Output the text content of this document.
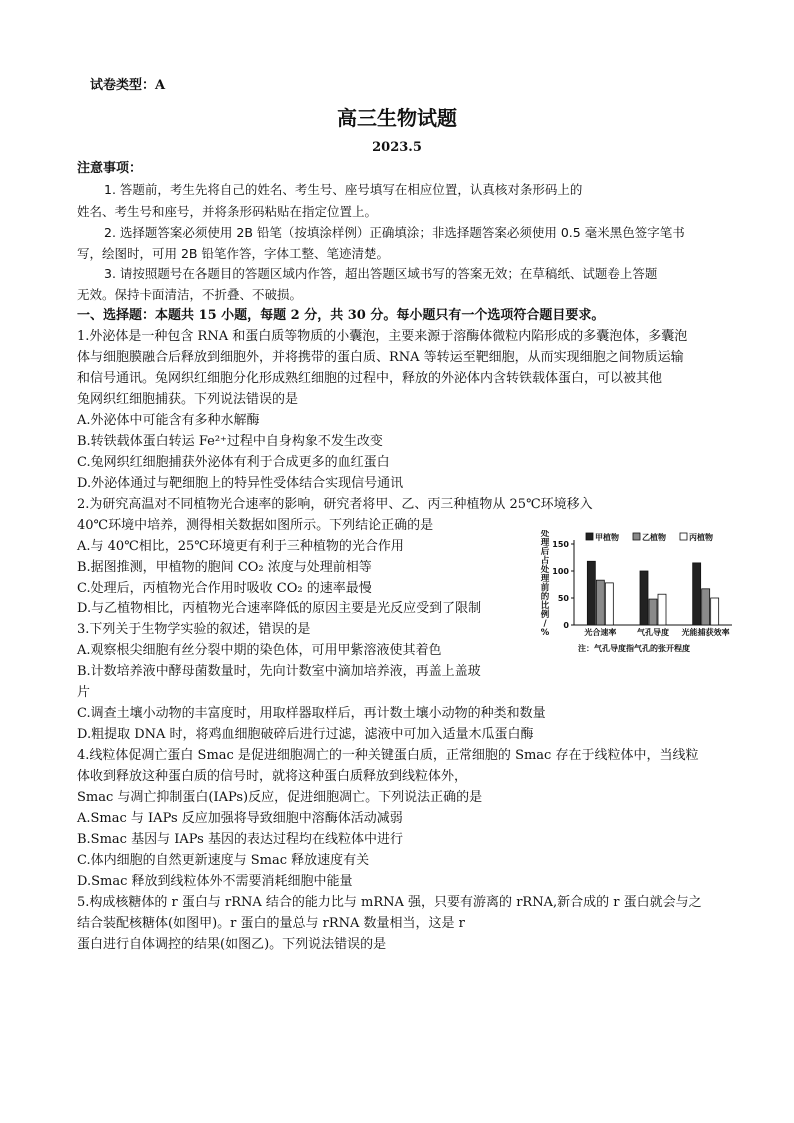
试卷类型：A
高三生物试题
2023.5
注意事项：
1. 答题前，考生先将自己的姓名、考生号、座号填写在相应位置，认真核对条形码上的
姓名、考生号和座号，并将条形码粘贴在指定位置上。
2. 选择题答案必须使用 2B 铅笔（按填涂样例）正确填涂；非选择题答案必须使用 0.5 毫米黑色签字笔书
写，绘图时，可用 2B 铅笔作答，字体工整、笔迹清楚。
3. 请按照题号在各题目的答题区域内作答，超出答题区域书写的答案无效；在草稿纸、试题卷上答题
无效。保持卡面清洁，不折叠、不破损。
一、选择题：本题共 15 小题，每题 2 分，共 30 分。每小题只有一个选项符合题目要求。
1.外泌体是一种包含 RNA 和蛋白质等物质的小囊泡，主要来源于溶酶体微粒内陷形成的多囊泡体，多囊泡
体与细胞膜融合后释放到细胞外，并将携带的蛋白质、RNA 等转运至靶细胞，从而实现细胞之间物质运输
和信号通讯。兔网织红细胞分化形成熟红细胞的过程中，释放的外泌体内含转铁载体蛋白，可以被其他
兔网织红细胞捕获。下列说法错误的是
A.外泌体中可能含有多种水解酶
B.转铁载体蛋白转运 Fe²⁺过程中自身构象不发生改变
C.兔网织红细胞捕获外泌体有利于合成更多的血红蛋白
D.外泌体通过与靶细胞上的特异性受体结合实现信号通讯
2.为研究高温对不同植物光合速率的影响，研究者将甲、乙、丙三种植物从 25℃环境移入
40℃环境中培养，测得相关数据如图所示。下列结论正确的是
A.与 40℃相比，25℃环境更有利于三种植物的光合作用
B.据图推测，甲植物的胞间 CO₂ 浓度与处理前相等
C.处理后，丙植物光合作用时吸收 CO₂ 的速率最慢
D.与乙植物相比，丙植物光合速率降低的原因主要是光反应受到了限制
3.下列关于生物学实验的叙述，错误的是
A.观察根尖细胞有丝分裂中期的染色体，可用甲紫溶液使其着色
B.计数培养液中酵母菌数量时，先向计数室中滴加培养液，再盖上盖玻
片
C.调查土壤小动物的丰富度时，用取样器取样后，再计数土壤小动物的种类和数量
D.粗提取 DNA 时，将鸡血细胞破碎后进行过滤，滤液中可加入适量木瓜蛋白酶
4.线粒体促凋亡蛋白 Smac 是促进细胞凋亡的一种关键蛋白质，正常细胞的 Smac 存在于线粒体中，当线粒
体收到释放这种蛋白质的信号时，就将这种蛋白质释放到线粒体外，
Smac 与凋亡抑制蛋白(IAPs)反应，促进细胞凋亡。下列说法正确的是
A.Smac 与 IAPs 反应加强将导致细胞中溶酶体活动减弱
B.Smac 基因与 IAPs 基因的表达过程均在线粒体中进行
C.体内细胞的自然更新速度与 Smac 释放速度有关
D.Smac 释放到线粒体外不需要消耗细胞中能量
5.构成核糖体的 r 蛋白与 rRNA 结合的能力比与 mRNA 强，只要有游离的 rRNA,新合成的 r 蛋白就会与之
结合装配核糖体(如图甲)。r 蛋白的量总与 rRNA 数量相当，这是 r
蛋白进行自体调控的结果(如图乙)。下列说法错误的是
处理后占处理前的比例/ %
0
50
100
150
光合速率	气孔导度 光能捕获效率
甲植物	乙植物	丙植物
注：气孔导度指气孔的张开程度
